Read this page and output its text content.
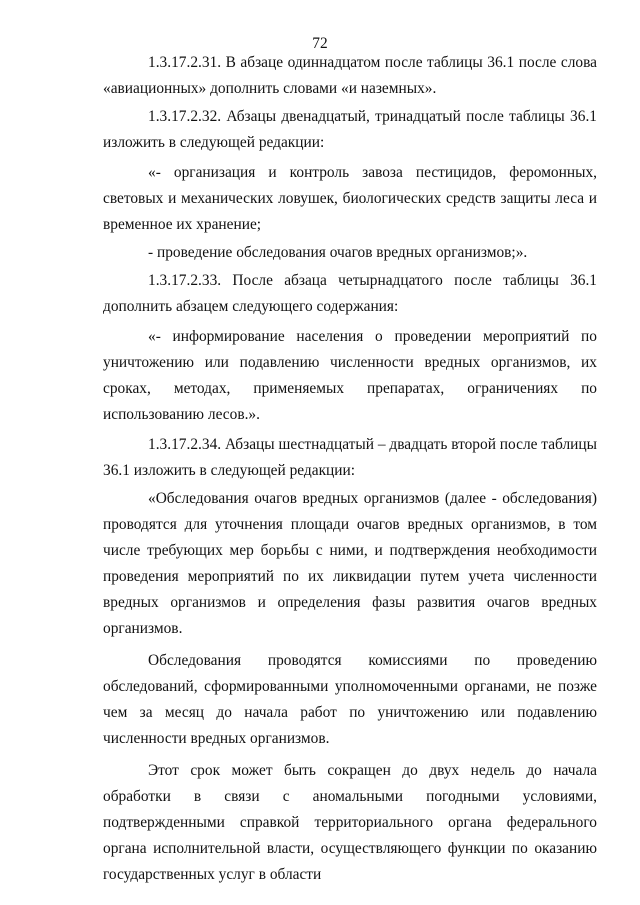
72

1.3.17.2.31. В абзаце одиннадцатом после таблицы 36.1 после слова «авиационных» дополнить словами «и наземных».

1.3.17.2.32. Абзацы двенадцатый, тринадцатый после таблицы 36.1 изложить в следующей редакции:

«- организация и контроль завоза пестицидов, феромонных, световых и механических ловушек, биологических средств защиты леса и временное их хранение;

- проведение обследования очагов вредных организмов;».

1.3.17.2.33. После абзаца четырнадцатого после таблицы 36.1 дополнить абзацем следующего содержания:

«- информирование населения о проведении мероприятий по уничтожению или подавлению численности вредных организмов, их сроках, методах, применяемых препаратах, ограничениях по использованию лесов.».

1.3.17.2.34. Абзацы шестнадцатый – двадцать второй после таблицы 36.1 изложить в следующей редакции:

«Обследования очагов вредных организмов (далее - обследования) проводятся для уточнения площади очагов вредных организмов, в том числе требующих мер борьбы с ними, и подтверждения необходимости проведения мероприятий по их ликвидации путем учета численности вредных организмов и определения фазы развития очагов вредных организмов.

Обследования проводятся комиссиями по проведению обследований, сформированными уполномоченными органами, не позже чем за месяц до начала работ по уничтожению или подавлению численности вредных организмов.

Этот срок может быть сокращен до двух недель до начала обработки в связи с аномальными погодными условиями, подтвержденными справкой территориального органа федерального органа исполнительной власти, осуществляющего функции по оказанию государственных услуг в области
